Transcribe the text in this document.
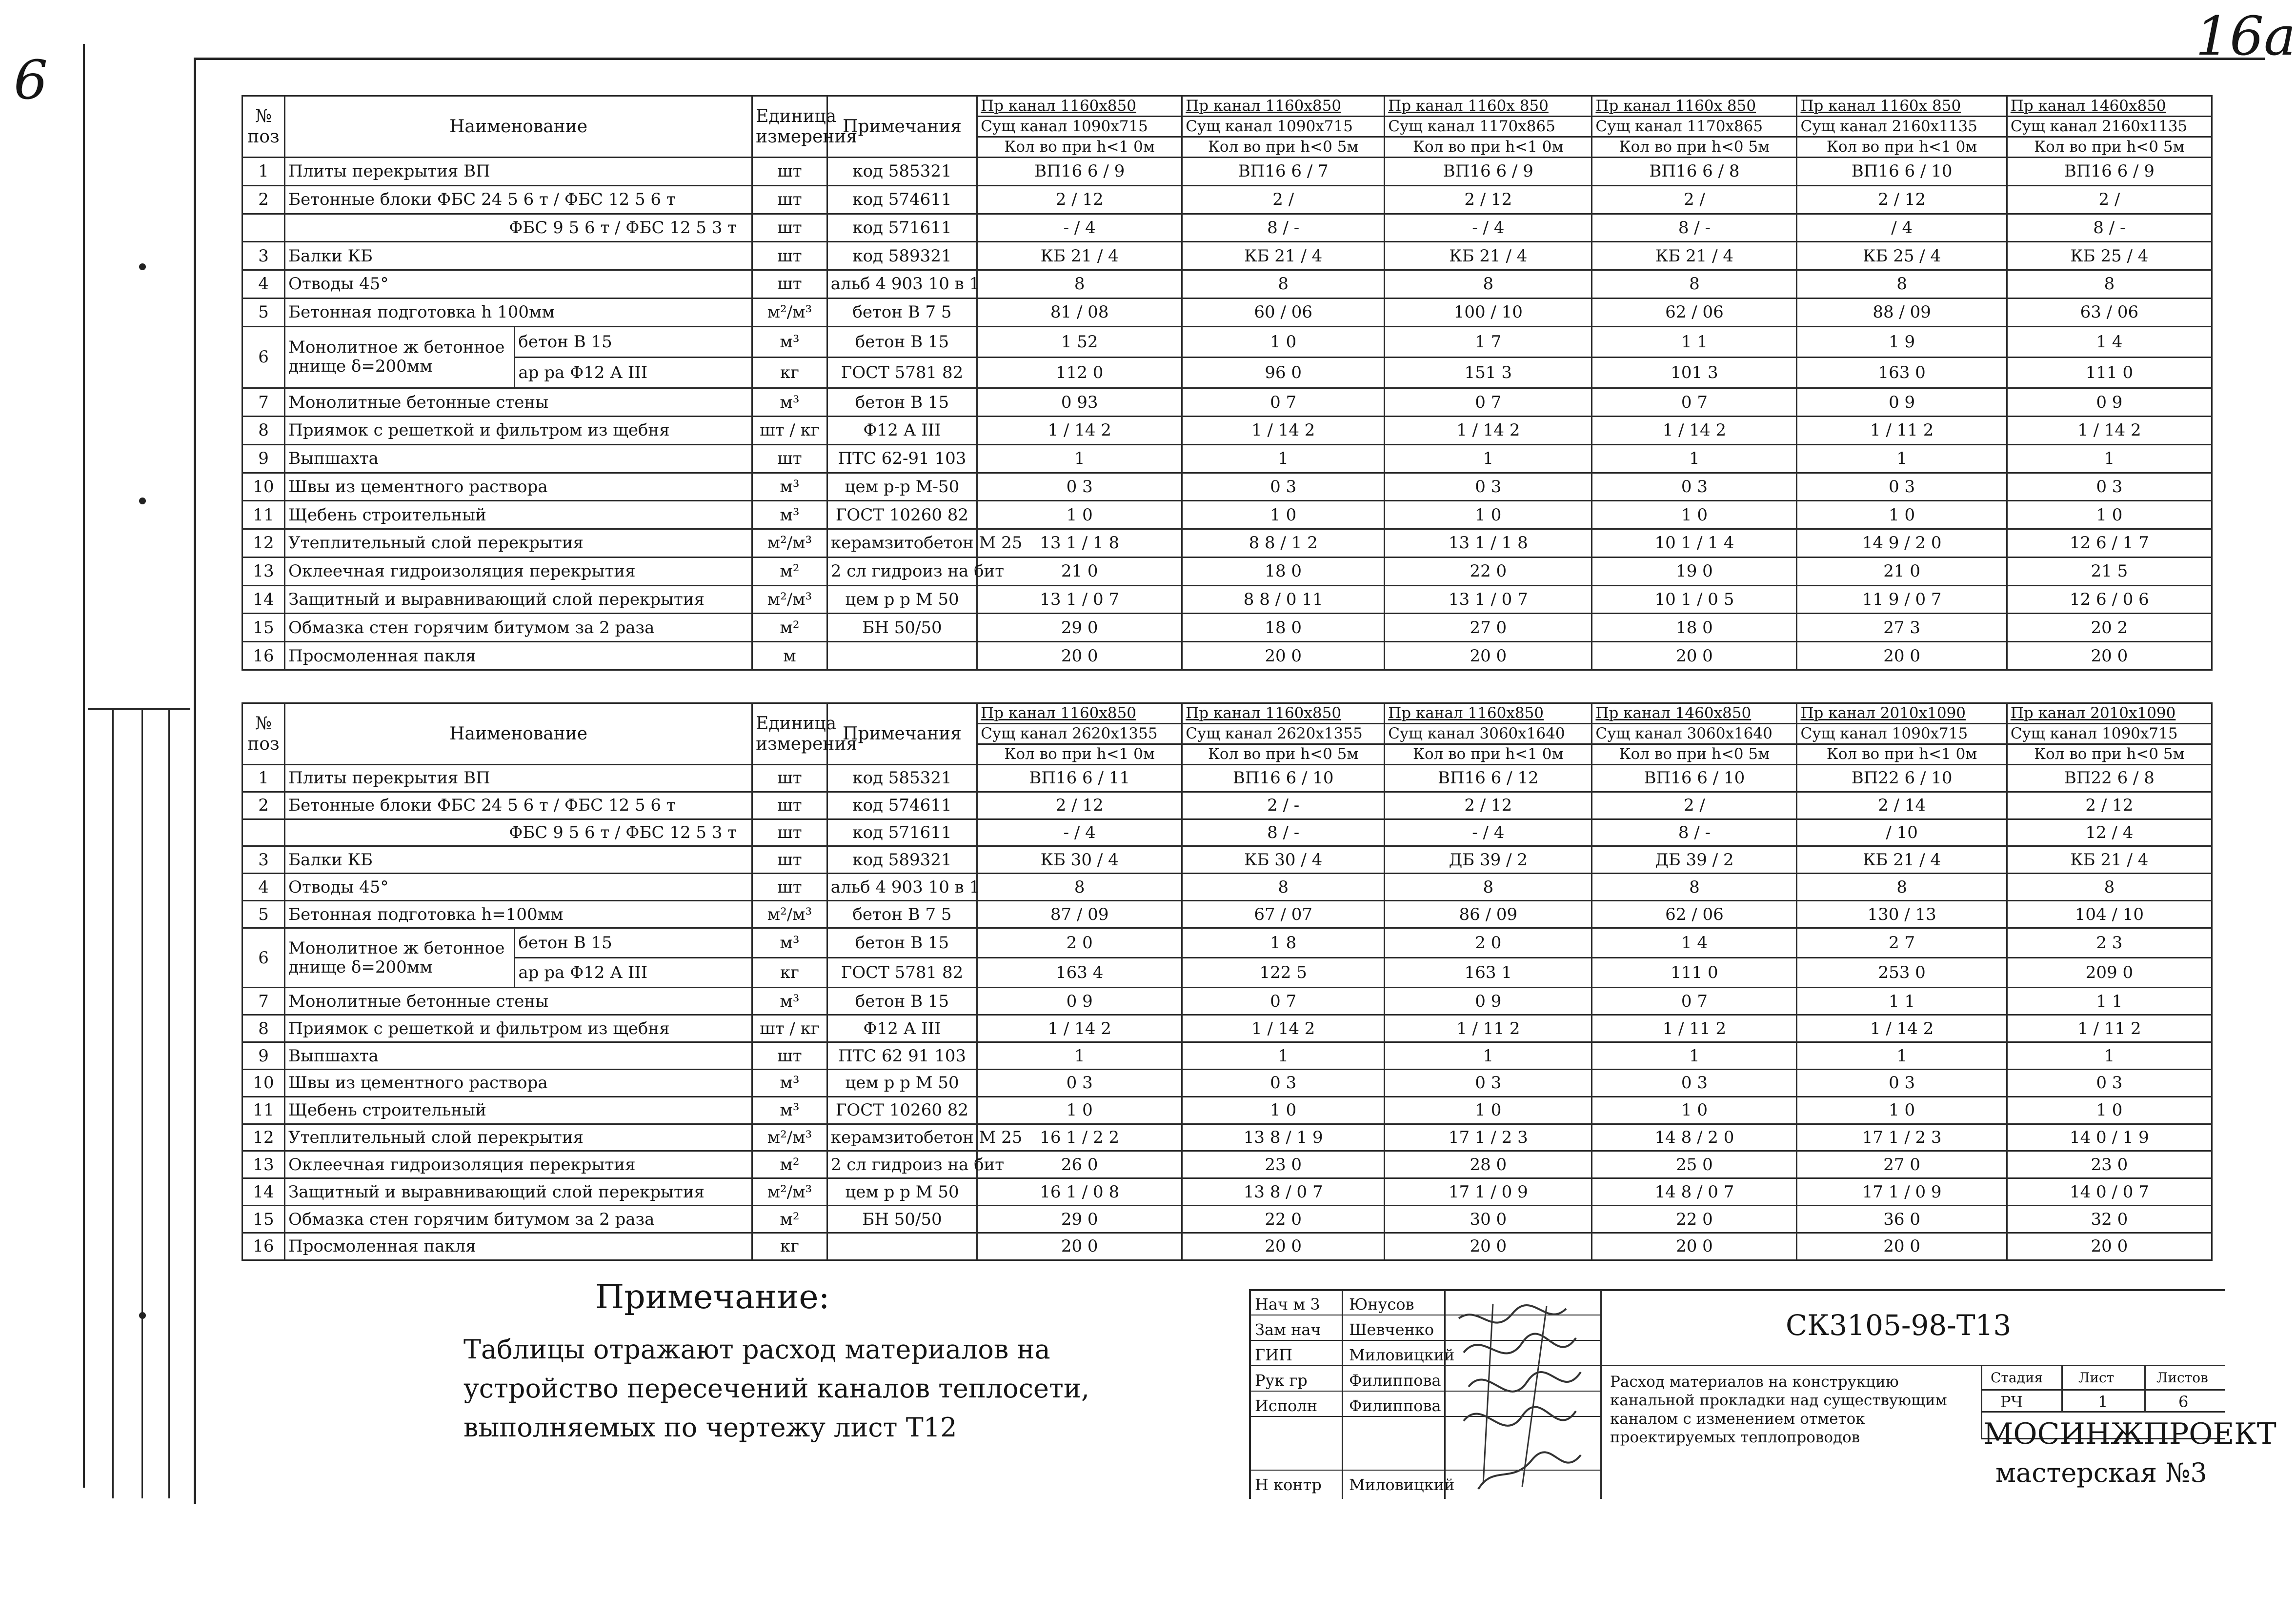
6
16а
№ поз	Наименование		Единица измерения	Примечания	Пр канал 1160х850	Пр канал 1160х850	Пр канал 1160х 850	Пр канал 1160х 850	Пр канал 1160х 850	Пр канал 1460х850
					Сущ канал 1090х715	Сущ канал 1090х715	Сущ канал 1170х865	Сущ канал 1170х865	Сущ канал 2160х1135	Сущ канал 2160х1135
					Кол во при h<1 0м	Кол во при h<0 5м	Кол во при h<1 0м	Кол во при h<0 5м	Кол во при h<1 0м	Кол во при h<0 5м
1	Плиты перекрытия ВП		шт	код 585321	ВП16 6 / 9	ВП16 6 / 7	ВП16 6 / 9	ВП16 6 / 8	ВП16 6 / 10	ВП16 6 / 9
2	Бетонные блоки ФБС 24 5 6 т / ФБС 12 5 6 т		шт	код 574611	2 / 12	2 /	2 / 12	2 /	2 / 12	2 /
	ФБС 9 5 6 т / ФБС 12 5 3 т		шт	код 571611	- / 4	8 / -	- / 4	8 / -	/ 4	8 / -
3	Балки КБ		шт	код 589321	КБ 21 / 4	КБ 21 / 4	КБ 21 / 4	КБ 21 / 4	КБ 25 / 4	КБ 25 / 4
4	Отводы 45°		шт	альб 4 903 10 в 1	8	8	8	8	8	8
5	Бетонная подготовка h 100мм		м²/м³	бетон В 7 5	81 / 08	60 / 06	100 / 10	62 / 06	88 / 09	63 / 06
6	Монолитное ж бетонное днище δ=200мм	бетон В 15	м³	бетон В 15	1 52	1 0	1 7	1 1	1 9	1 4
		ар ра Ф12 А III	кг	ГОСТ 5781 82	112 0	96 0	151 3	101 3	163 0	111 0
7	Монолитные бетонные стены		м³	бетон В 15	0 93	0 7	0 7	0 7	0 9	0 9
8	Приямок с решеткой и фильтром из щебня		шт / кг	Ф12 А III	1 / 14 2	1 / 14 2	1 / 14 2	1 / 14 2	1 / 11 2	1 / 14 2
9	Выпшахта		шт	ПТС 62-91 103	1	1	1	1	1	1
10	Швы из цементного раствора		м³	цем р-р М-50	0 3	0 3	0 3	0 3	0 3	0 3
11	Щебень строительный		м³	ГОСТ 10260 82	1 0	1 0	1 0	1 0	1 0	1 0
12	Утеплительный слой перекрытия		м²/м³	керамзитобетон М 25	13 1 / 1 8	8 8 / 1 2	13 1 / 1 8	10 1 / 1 4	14 9 / 2 0	12 6 / 1 7
13	Оклеечная гидроизоляция перекрытия		м²	2 сл гидроиз на бит	21 0	18 0	22 0	19 0	21 0	21 5
14	Защитный и выравнивающий слой перекрытия		м²/м³	цем р р М 50	13 1 / 0 7	8 8 / 0 11	13 1 / 0 7	10 1 / 0 5	11 9 / 0 7	12 6 / 0 6
15	Обмазка стен горячим битумом за 2 раза		м²	БН 50/50	29 0	18 0	27 0	18 0	27 3	20 2
16	Просмоленная пакля		м		20 0	20 0	20 0	20 0	20 0	20 0
№ поз	Наименование		Единица измерения	Примечания	Пр канал 1160х850	Пр канал 1160х850	Пр канал 1160х850	Пр канал 1460х850	Пр канал 2010х1090	Пр канал 2010х1090
					Сущ канал 2620х1355	Сущ канал 2620х1355	Сущ канал 3060х1640	Сущ канал 3060х1640	Сущ канал 1090х715	Сущ канал 1090х715
					Кол во при h<1 0м	Кол во при h<0 5м	Кол во при h<1 0м	Кол во при h<0 5м	Кол во при h<1 0м	Кол во при h<0 5м
1	Плиты перекрытия ВП		шт	код 585321	ВП16 6 / 11	ВП16 6 / 10	ВП16 6 / 12	ВП16 6 / 10	ВП22 6 / 10	ВП22 6 / 8
2	Бетонные блоки ФБС 24 5 6 т / ФБС 12 5 6 т		шт	код 574611	2 / 12	2 / -	2 / 12	2 /	2 / 14	2 / 12
	ФБС 9 5 6 т / ФБС 12 5 3 т		шт	код 571611	- / 4	8 / -	- / 4	8 / -	/ 10	12 / 4
3	Балки КБ		шт	код 589321	КБ 30 / 4	КБ 30 / 4	ДБ 39 / 2	ДБ 39 / 2	КБ 21 / 4	КБ 21 / 4
4	Отводы 45°		шт	альб 4 903 10 в 1	8	8	8	8	8	8
5	Бетонная подготовка h=100мм		м²/м³	бетон В 7 5	87 / 09	67 / 07	86 / 09	62 / 06	130 / 13	104 / 10
6	Монолитное ж бетонное днище δ=200мм	бетон В 15	м³	бетон В 15	2 0	1 8	2 0	1 4	2 7	2 3
		ар ра Ф12 А III	кг	ГОСТ 5781 82	163 4	122 5	163 1	111 0	253 0	209 0
7	Монолитные бетонные стены		м³	бетон В 15	0 9	0 7	0 9	0 7	1 1	1 1
8	Приямок с решеткой и фильтром из щебня		шт / кг	Ф12 А III	1 / 14 2	1 / 14 2	1 / 11 2	1 / 11 2	1 / 14 2	1 / 11 2
9	Выпшахта		шт	ПТС 62 91 103	1	1	1	1	1	1
10	Швы из цементного раствора		м³	цем р р М 50	0 3	0 3	0 3	0 3	0 3	0 3
11	Щебень строительный		м³	ГОСТ 10260 82	1 0	1 0	1 0	1 0	1 0	1 0
12	Утеплительный слой перекрытия		м²/м³	керамзитобетон М 25	16 1 / 2 2	13 8 / 1 9	17 1 / 2 3	14 8 / 2 0	17 1 / 2 3	14 0 / 1 9
13	Оклеечная гидроизоляция перекрытия		м²	2 сл гидроиз на бит	26 0	23 0	28 0	25 0	27 0	23 0
14	Защитный и выравнивающий слой перекрытия		м²/м³	цем р р М 50	16 1 / 0 8	13 8 / 0 7	17 1 / 0 9	14 8 / 0 7	17 1 / 0 9	14 0 / 0 7
15	Обмазка стен горячим битумом за 2 раза		м²	БН 50/50	29 0	22 0	30 0	22 0	36 0	32 0
16	Просмоленная пакля		кг		20 0	20 0	20 0	20 0	20 0	20 0
Примечание:
Таблицы отражают расход материалов на
устройство пересечений каналов теплосети,
выполняемых по чертежу лист Т12
Нач м 3
Зам нач
ГИП
Рук гр
Исполн
Н контр
Юнусов
Шевченко
Миловицкий
Филиппова
Филиппова
Миловицкий
СК3105-98-Т13
Расход материалов на конструкцию
канальной прокладки над существующим
каналом с изменением отметок
проектируемых теплопроводов
Стадия	Лист	Листов
РЧ	1	6
МОСИНЖПРОЕКТ
мастерская №3
